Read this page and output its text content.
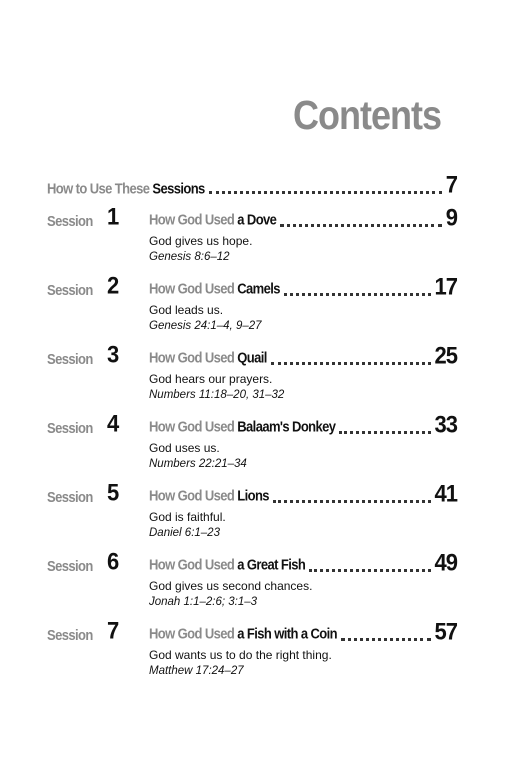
Contents
How to Use These Sessions	7
Session 1 How God Used a Dove	9
God gives us hope.
Genesis 8:6–12
Session 2 How God Used Camels	17
God leads us.
Genesis 24:1–4, 9–27
Session 3 How God Used Quail	25
God hears our prayers.
Numbers 11:18–20, 31–32
Session 4 How God Used Balaam's Donkey	33
God uses us.
Numbers 22:21–34
Session 5 How God Used Lions	41
God is faithful.
Daniel 6:1–23
Session 6 How God Used a Great Fish	49
God gives us second chances.
Jonah 1:1–2:6; 3:1–3
Session 7 How God Used a Fish with a Coin	57
God wants us to do the right thing.
Matthew 17:24–27
